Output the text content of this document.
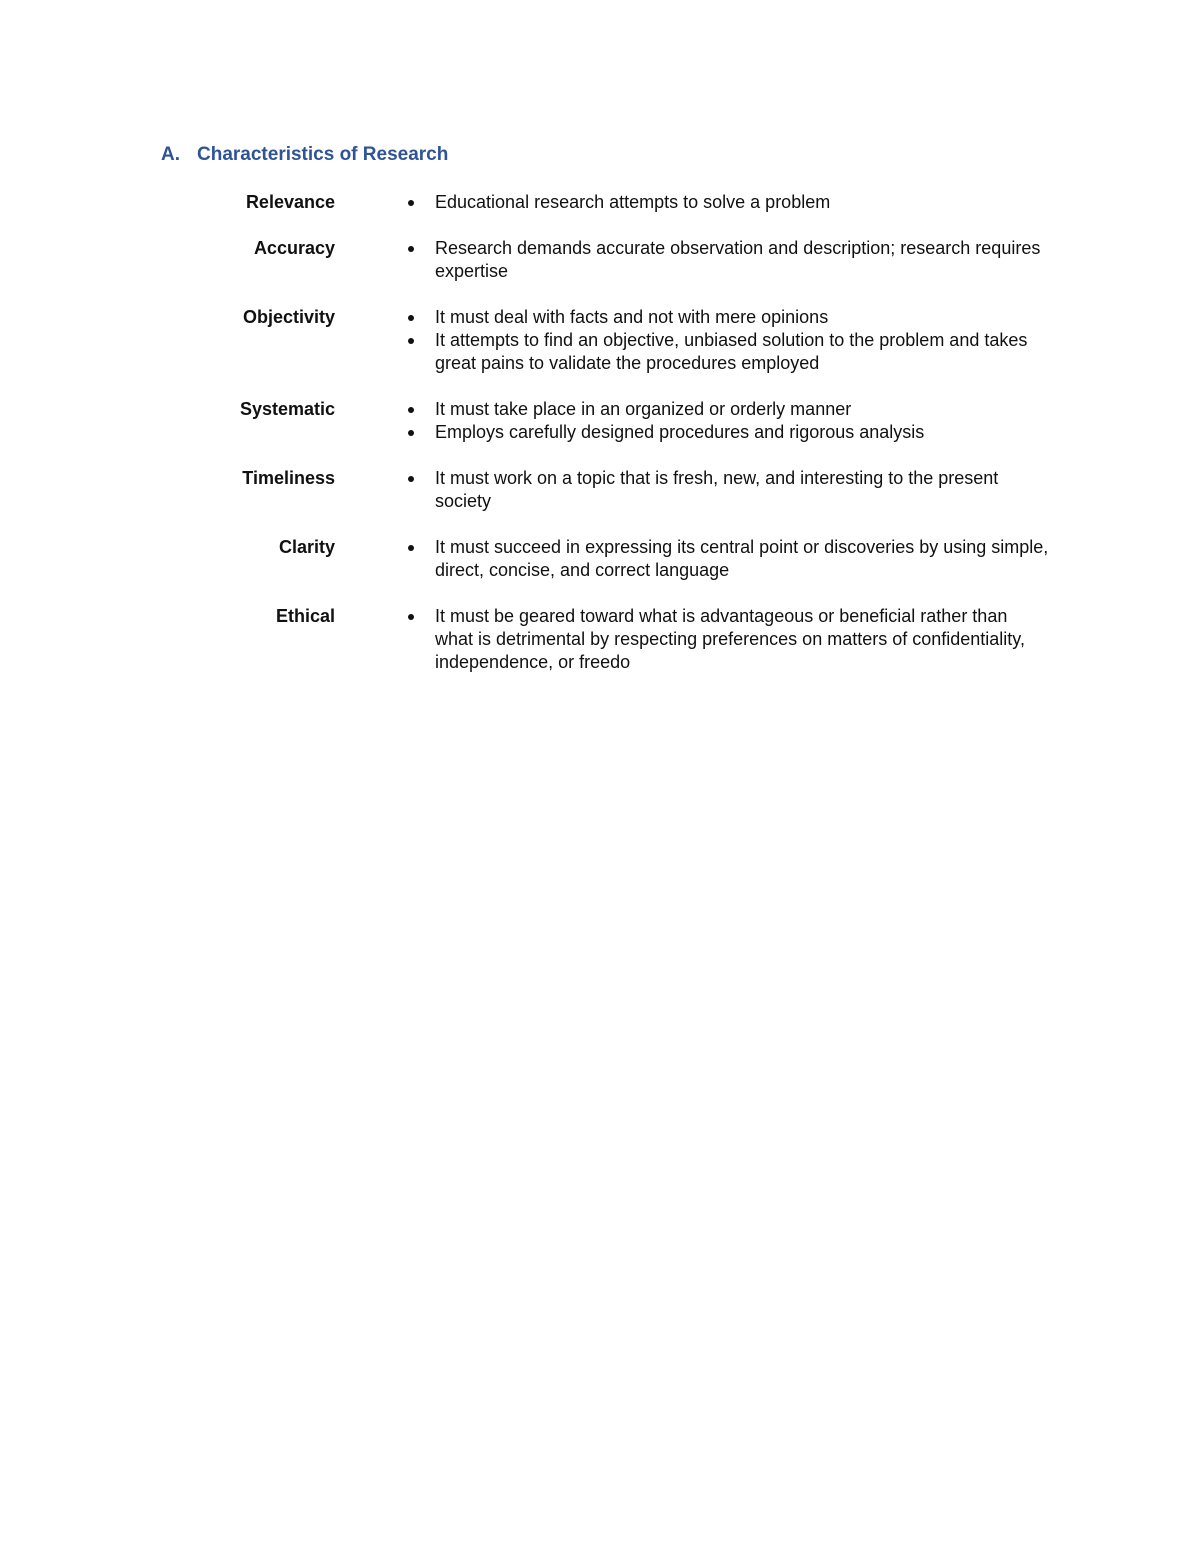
A. Characteristics of Research
Relevance	Educational research attempts to solve a problem
Accuracy	Research demands accurate observation and description; research requires expertise
Objectivity	It must deal with facts and not with mere opinions
It attempts to find an objective, unbiased solution to the problem and takes great pains to validate the procedures employed
Systematic	It must take place in an organized or orderly manner
Employs carefully designed procedures and rigorous analysis
Timeliness	It must work on a topic that is fresh, new, and interesting to the present society
Clarity	It must succeed in expressing its central point or discoveries by using simple, direct, concise, and correct language
Ethical	It must be geared toward what is advantageous or beneficial rather than what is detrimental by respecting preferences on matters of confidentiality, independence, or freedo
